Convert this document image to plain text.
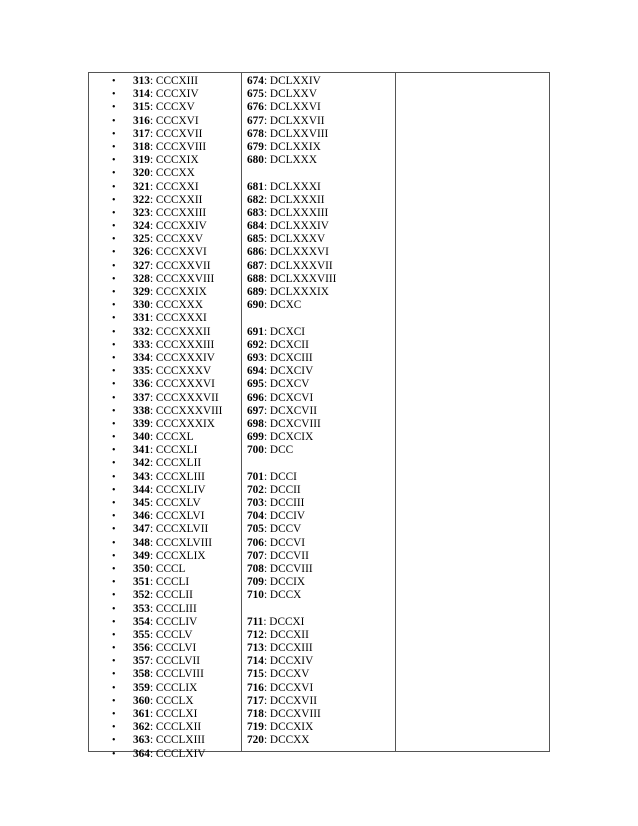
• 313: CCCXIII
• 314: CCCXIV
• 315: CCCXV
• 316: CCCXVI
• 317: CCCXVII
• 318: CCCXVIII
• 319: CCCXIX
• 320: CCCXX
• 321: CCCXXI
• 322: CCCXXII
• 323: CCCXXIII
• 324: CCCXXIV
• 325: CCCXXV
• 326: CCCXXVI
• 327: CCCXXVII
• 328: CCCXXVIII
• 329: CCCXXIX
• 330: CCCXXX
• 331: CCCXXXI
• 332: CCCXXXII
• 333: CCCXXXIII
• 334: CCCXXXIV
• 335: CCCXXXV
• 336: CCCXXXVI
• 337: CCCXXXVII
• 338: CCCXXXVIII
• 339: CCCXXXIX
• 340: CCCXL
• 341: CCCXLI
• 342: CCCXLII
• 343: CCCXLIII
• 344: CCCXLIV
• 345: CCCXLV
• 346: CCCXLVI
• 347: CCCXLVII
• 348: CCCXLVIII
• 349: CCCXLIX
• 350: CCCL
• 351: CCCLI
• 352: CCCLII
• 353: CCCLIII
• 354: CCCLIV
• 355: CCCLV
• 356: CCCLVI
• 357: CCCLVII
• 358: CCCLVIII
• 359: CCCLIX
• 360: CCCLX
• 361: CCCLXI
• 362: CCCLXII
• 363: CCCLXIII
• 364: CCCLXIV
674: DCLXXIV
675: DCLXXV
676: DCLXXVI
677: DCLXXVII
678: DCLXXVIII
679: DCLXXIX
680: DCLXXX
681: DCLXXXI
682: DCLXXXII
683: DCLXXXIII
684: DCLXXXIV
685: DCLXXXV
686: DCLXXXVI
687: DCLXXXVII
688: DCLXXXVIII
689: DCLXXXIX
690: DCXC
691: DCXCI
692: DCXCII
693: DCXCIII
694: DCXCIV
695: DCXCV
696: DCXCVI
697: DCXCVII
698: DCXCVIII
699: DCXCIX
700: DCC
701: DCCI
702: DCCII
703: DCCIII
704: DCCIV
705: DCCV
706: DCCVI
707: DCCVII
708: DCCVIII
709: DCCIX
710: DCCX
711: DCCXI
712: DCCXII
713: DCCXIII
714: DCCXIV
715: DCCXV
716: DCCXVI
717: DCCXVII
718: DCCXVIII
719: DCCXIX
720: DCCXX
